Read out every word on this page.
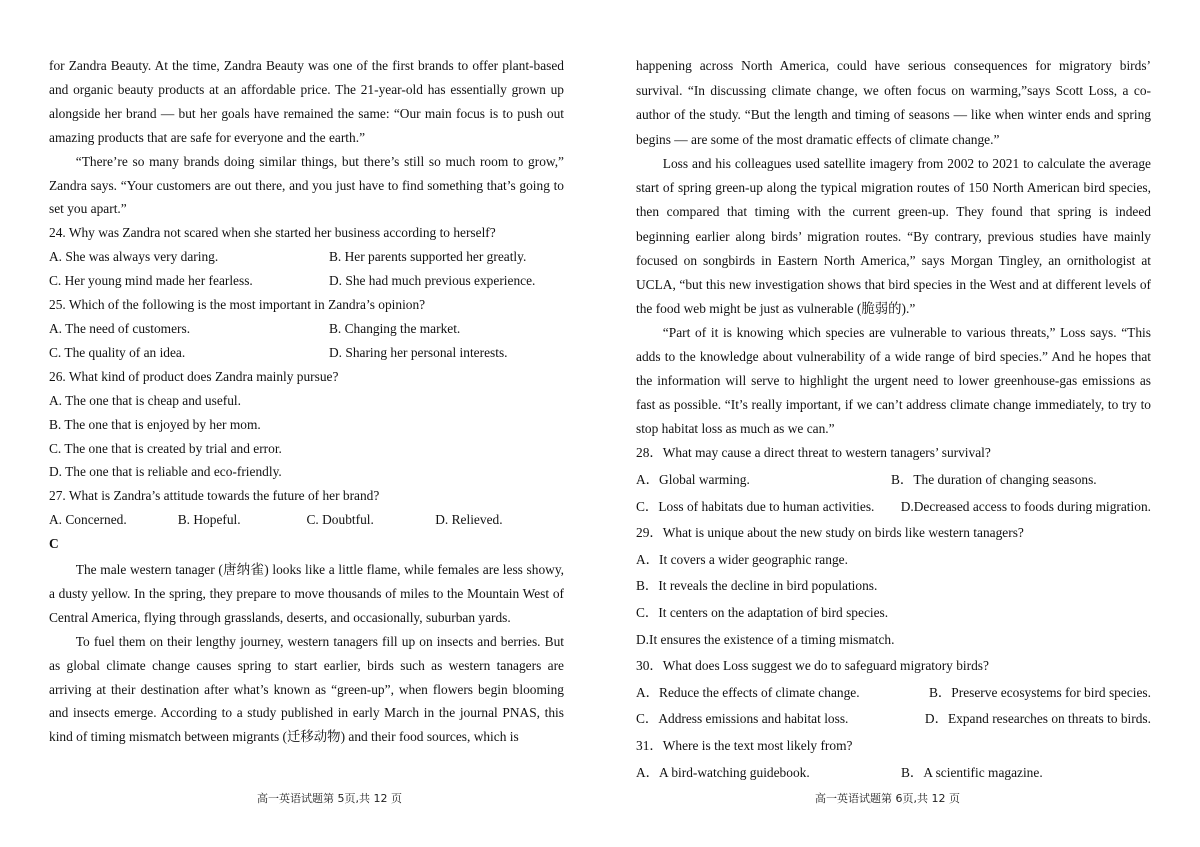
for Zandra Beauty. At the time, Zandra Beauty was one of the first brands to offer plant-based and organic beauty products at an affordable price. The 21-year-old has essentially grown up alongside her brand — but her goals have remained the same: “Our main focus is to push out amazing products that are safe for everyone and the earth.”

“There’re so many brands doing similar things, but there’s still so much room to grow,” Zandra says. “Your customers are out there, and you just have to find something that’s going to set you apart.”

24. Why was Zandra not scared when she started her business according to herself?

A. She was always very daring.	B. Her parents supported her greatly.
C. Her young mind made her fearless.	D. She had much previous experience.

25. Which of the following is the most important in Zandra’s opinion?

A. The need of customers.	B. Changing the market.
C. The quality of an idea.	D. Sharing her personal interests.

26. What kind of product does Zandra mainly pursue?

A. The one that is cheap and useful.

B. The one that is enjoyed by her mom.

C. The one that is created by trial and error.

D. The one that is reliable and eco-friendly.

27. What is Zandra’s attitude towards the future of her brand?

A. Concerned.	B. Hopeful.	C. Doubtful.	D. Relieved.

C

The male western tanager (唐纳雀) looks like a little flame, while females are less showy, a dusty yellow. In the spring, they prepare to move thousands of miles to the Mountain West of Central America, flying through grasslands, deserts, and occasionally, suburban yards.

To fuel them on their lengthy journey, western tanagers fill up on insects and berries. But as global climate change causes spring to start earlier, birds such as western tanagers are arriving at their destination after what’s known as “green-up”, when flowers begin blooming and insects emerge. According to a study published in early March in the journal PNAS, this kind of timing mismatch between migrants (迁移动物) and their food sources, which is

happening across North America, could have serious consequences for migratory birds’ survival. “In discussing climate change, we often focus on warming,”says Scott Loss, a co-author of the study. “But the length and timing of seasons — like when winter ends and spring begins — are some of the most dramatic effects of climate change.”

Loss and his colleagues used satellite imagery from 2002 to 2021 to calculate the average start of spring green-up along the typical migration routes of 150 North American bird species, then compared that timing with the current green-up. They found that spring is indeed beginning earlier along birds’ migration routes. “By contrary, previous studies have mainly focused on songbirds in Eastern North America,” says Morgan Tingley, an ornithologist at UCLA, “but this new investigation shows that bird species in the West and at different levels of the food web might be just as vulnerable (脆弱的).”

“Part of it is knowing which species are vulnerable to various threats,” Loss says. “This adds to the knowledge about vulnerability of a wide range of bird species.” And he hopes that the information will serve to highlight the urgent need to lower greenhouse-gas emissions as fast as possible. “It’s really important, if we can’t address climate change immediately, to try to stop habitat loss as much as we can.”

28．What may cause a direct threat to western tanagers’ survival?

A．Global warming.	B．The duration of changing seasons.
C．Loss of habitats due to human activities. D.Decreased access to foods during migration.

29．What is unique about the new study on birds like western tanagers?

A．It covers a wider geographic range.

B．It reveals the decline in bird populations.

C．It centers on the adaptation of bird species.

D.It ensures the existence of a timing mismatch.

30．What does Loss suggest we do to safeguard migratory birds?

A．Reduce the effects of climate change.	B．Preserve ecosystems for bird species.
C．Address emissions and habitat loss.	D．Expand researches on threats to birds.

31．Where is the text most likely from?

A．A bird-watching guidebook.	B．A scientific magazine.
高一英语试题第 5页,共 12 页	高一英语试题第 6页,共 12 页
